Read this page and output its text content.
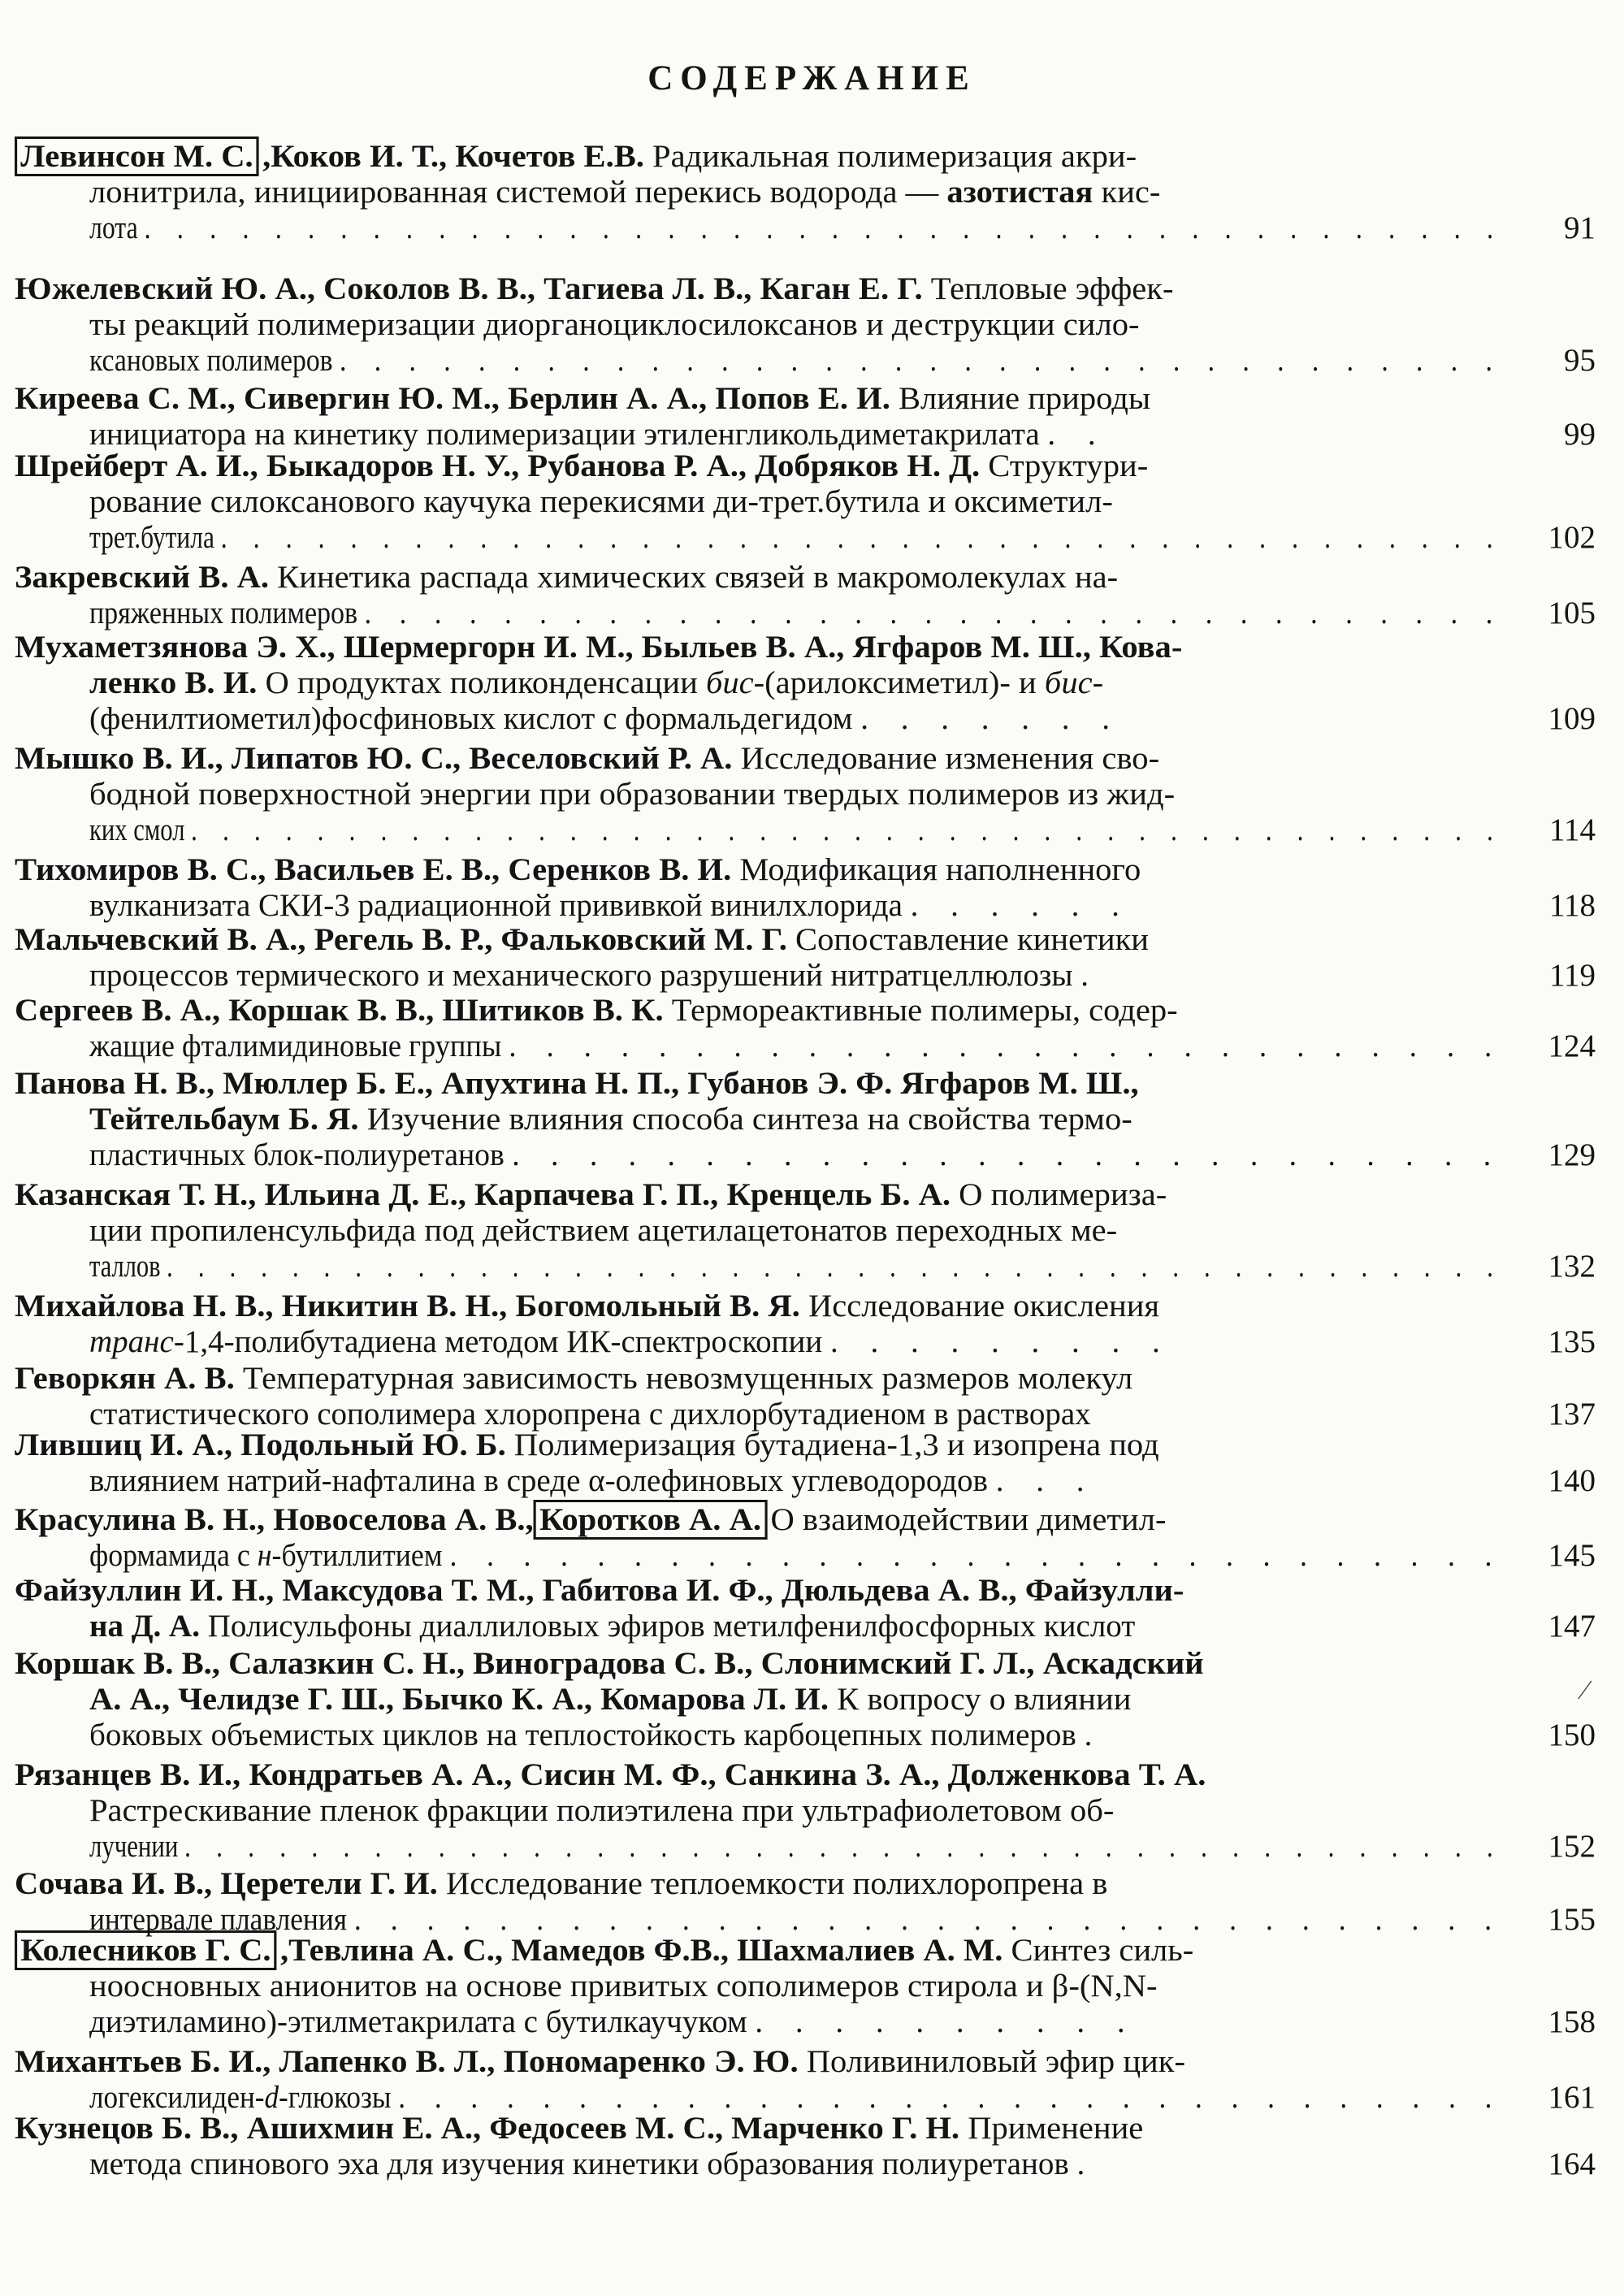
СОДЕРЖАНИЕ
Левинсон М. С. ,Коков И. Т., Кочетов Е.В. Радикальная полимеризация акри-
лонитрила, инициированная системой перекись водорода — азотистая кис-
лота . . . . . . . . . . . . . . . . . . . . . . . . . . . . . . . . . . . . . . . . . .	91
Южелевский Ю. А., Соколов В. В., Тагиева Л. В., Каган Е. Г. Тепловые эффек-
ты реакций полимеризации диорганоциклосилоксанов и деструкции сило-
ксановых полимеров . . . . . . . . . . . . . . . . . . . . . . . . . . . . . . . . . .	95
Киреева С. М., Сивергин Ю. М., Берлин А. А., Попов Е. И. Влияние природы
инициатора на кинетику полимеризации этиленгликольдиметакрилата . .	99
Шрейберт А. И., Быкадоров Н. У., Рубанова Р. А., Добряков Н. Д. Структури-
рование силоксанового каучука перекисями ди-трет.бутила и оксиметил-
трет.бутила . . . . . . . . . . . . . . . . . . . . . . . . . . . . . . . . . . . . . . . . 102
Закревский В. А. Кинетика распада химических связей в макромолекулах на-
пряженных полимеров . . . . . . . . . . . . . . . . . . . . . . . . . . . . . . . . . 105
Мухаметзянова Э. Х., Шермергорн И. М., Быльев В. А., Ягфаров М. Ш., Кова-
ленко В. И. О продуктах поликонденсации бис-(арилоксиметил)- и бис-
(фенилтиометил)фосфиновых кислот с формальдегидом . . . . . . .	109
Мышко В. И., Липатов Ю. С., Веселовский Р. А. Исследование изменения сво-
бодной поверхностной энергии при образовании твердых полимеров из жид-
ких смол . . . . . . . . . . . . . . . . . . . . . . . . . . . . . . . . . . . . . . . . . . 114
Тихомиров В. С., Васильев Е. В., Серенков В. И. Модификация наполненного
вулканизата СКИ-3 радиационной прививкой винилхлорида . . . . . .	118
Мальчевский В. А., Регель В. Р., Фальковский М. Г. Сопоставление кинетики
процессов термического и механического разрушений нитратцеллюлозы .	119
Сергеев В. А., Коршак В. В., Шитиков В. К. Термореактивные полимеры, содер-
жащие фталимидиновые группы . . . . . . . . . . . . . . . . . . . . . . . . . . . 124
Панова Н. В., Мюллер Б. Е., Апухтина Н. П., Губанов Э. Ф. Ягфаров М. Ш.,
Тейтельбаум Б. Я. Изучение влияния способа синтеза на свойства термо-
пластичных блок-полиуретанов . . . . . . . . . . . . . . . . . . . . . . . . . . 129
Казанская Т. Н., Ильина Д. Е., Карпачева Г. П., Кренцель Б. А. О полимериза-
ции пропиленсульфида под действием ацетилацетонатов переходных ме-
таллов . . . . . . . . . . . . . . . . . . . . . . . . . . . . . . . . . . . . . . . . . . . 132
Михайлова Н. В., Никитин В. Н., Богомольный В. Я. Исследование окисления
транс-1,4-полибутадиена методом ИК-спектроскопии . . . . . . . . .	135
Геворкян А. В. Температурная зависимость невозмущенных размеров молекул
статистического сополимера хлоропрена с дихлорбутадиеном в растворах	137
Лившиц И. А., Подольный Ю. Б. Полимеризация бутадиена-1,3 и изопрена под
влиянием натрий-нафталина в среде α-олефиновых углеводородов . . .	140
Красулина В. Н., Новоселова А. В., Коротков А. А. О взаимодействии диметил-
формамида с н-бутиллитием . . . . . . . . . . . . . . . . . . . . . . . . . . . . . 145
Файзуллин И. Н., Максудова Т. М., Габитова И. Ф., Дюльдева А. В., Файзулли-
на Д. А. Полисульфоны диаллиловых эфиров метилфенилфосфорных кислот	147
Коршак В. В., Салазкин С. Н., Виноградова С. В., Слонимский Г. Л., Аскадский
А. А., Челидзе Г. Ш., Бычко К. А., Комарова Л. И. К вопросу о влиянии
боковых объемистых циклов на теплостойкость карбоцепных полимеров .	150
Рязанцев В. И., Кондратьев А. А., Сисин М. Ф., Санкина З. А., Долженкова Т. А.
Растрескивание пленок фракции полиэтилена при ультрафиолетовом об-
лучении . . . . . . . . . . . . . . . . . . . . . . . . . . . . . . . . . . . . . . . . . . 152
Сочава И. В., Церетели Г. И. Исследование теплоемкости полихлоропрена в
интервале плавления . . . . . . . . . . . . . . . . . . . . . . . . . . . . . . . . 155
Колесников Г. С. ,Тевлина А. С., Мамедов Ф.В., Шахмалиев А. М. Синтез силь-
ноосновных анионитов на основе привитых сополимеров стирола и β-(N,N-
диэтиламино)-этилметакрилата с бутилкаучуком . . . . . . . . . .	158
Михантьев Б. И., Лапенко В. Л., Пономаренко Э. Ю. Поливиниловый эфир цик-
логексилиден-d-глюкозы . . . . . . . . . . . . . . . . . . . . . . . . . . . . . . . 161
Кузнецов Б. В., Ашихмин Е. А., Федосеев М. С., Марченко Г. Н. Применение
метода спинового эха для изучения кинетики образования полиуретанов .	164
⁄
